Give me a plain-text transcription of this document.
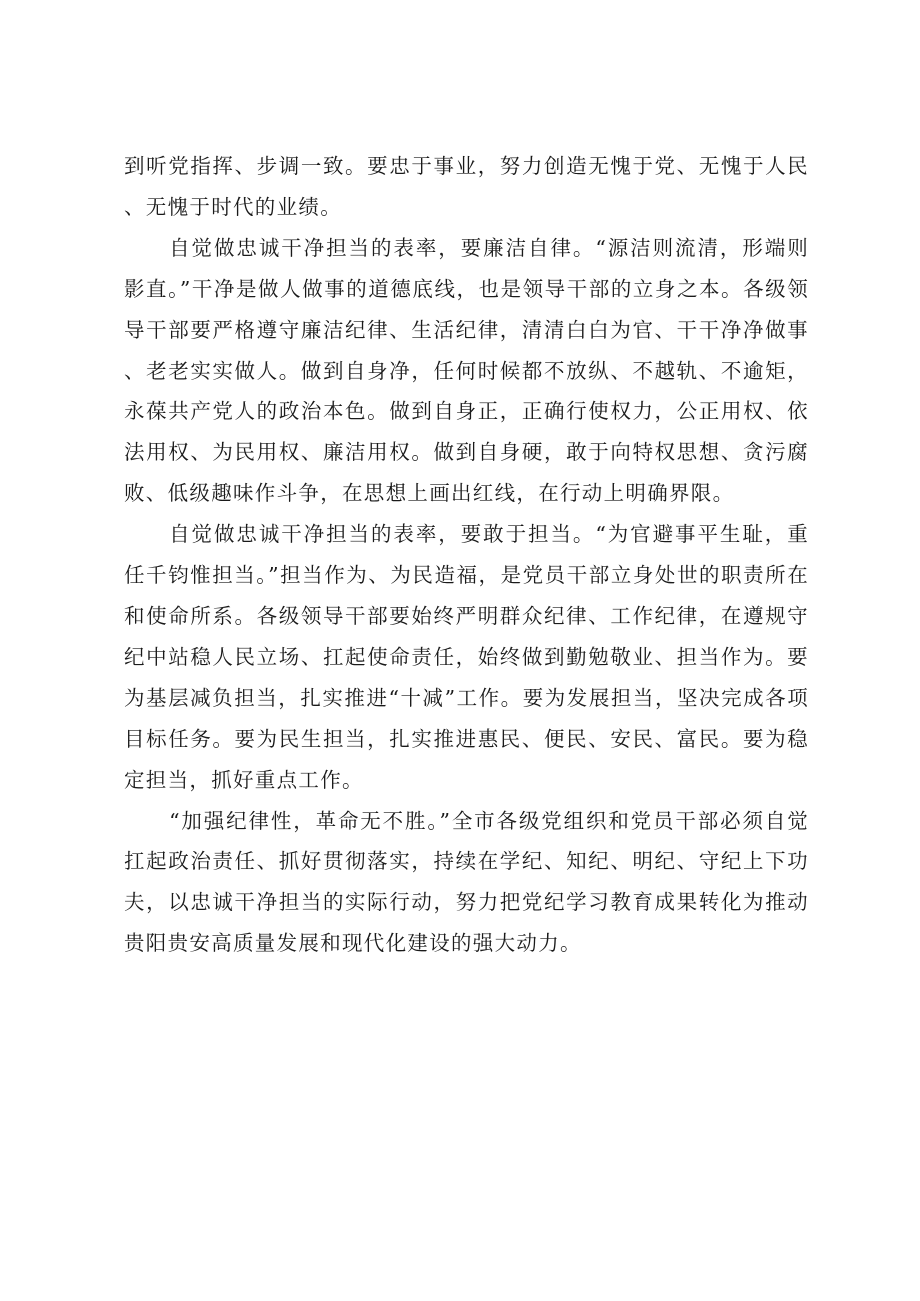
到听党指挥、步调一致。要忠于事业，努力创造无愧于党、无愧于人民、无愧于时代的业绩。

自觉做忠诚干净担当的表率，要廉洁自律。“源洁则流清，形端则影直。”干净是做人做事的道德底线，也是领导干部的立身之本。各级领导干部要严格遵守廉洁纪律、生活纪律，清清白白为官、干干净净做事、老老实实做人。做到自身净，任何时候都不放纵、不越轨、不逾矩，永葆共产党人的政治本色。做到自身正，正确行使权力，公正用权、依法用权、为民用权、廉洁用权。做到自身硬，敢于向特权思想、贪污腐败、低级趣味作斗争，在思想上画出红线，在行动上明确界限。

自觉做忠诚干净担当的表率，要敢于担当。“为官避事平生耻，重任千钧惟担当。”担当作为、为民造福，是党员干部立身处世的职责所在和使命所系。各级领导干部要始终严明群众纪律、工作纪律，在遵规守纪中站稳人民立场、扛起使命责任，始终做到勤勉敬业、担当作为。要为基层减负担当，扎实推进“十减”工作。要为发展担当，坚决完成各项目标任务。要为民生担当，扎实推进惠民、便民、安民、富民。要为稳定担当，抓好重点工作。

“加强纪律性，革命无不胜。”全市各级党组织和党员干部必须自觉扛起政治责任、抓好贯彻落实，持续在学纪、知纪、明纪、守纪上下功夫，以忠诚干净担当的实际行动，努力把党纪学习教育成果转化为推动贵阳贵安高质量发展和现代化建设的强大动力。
